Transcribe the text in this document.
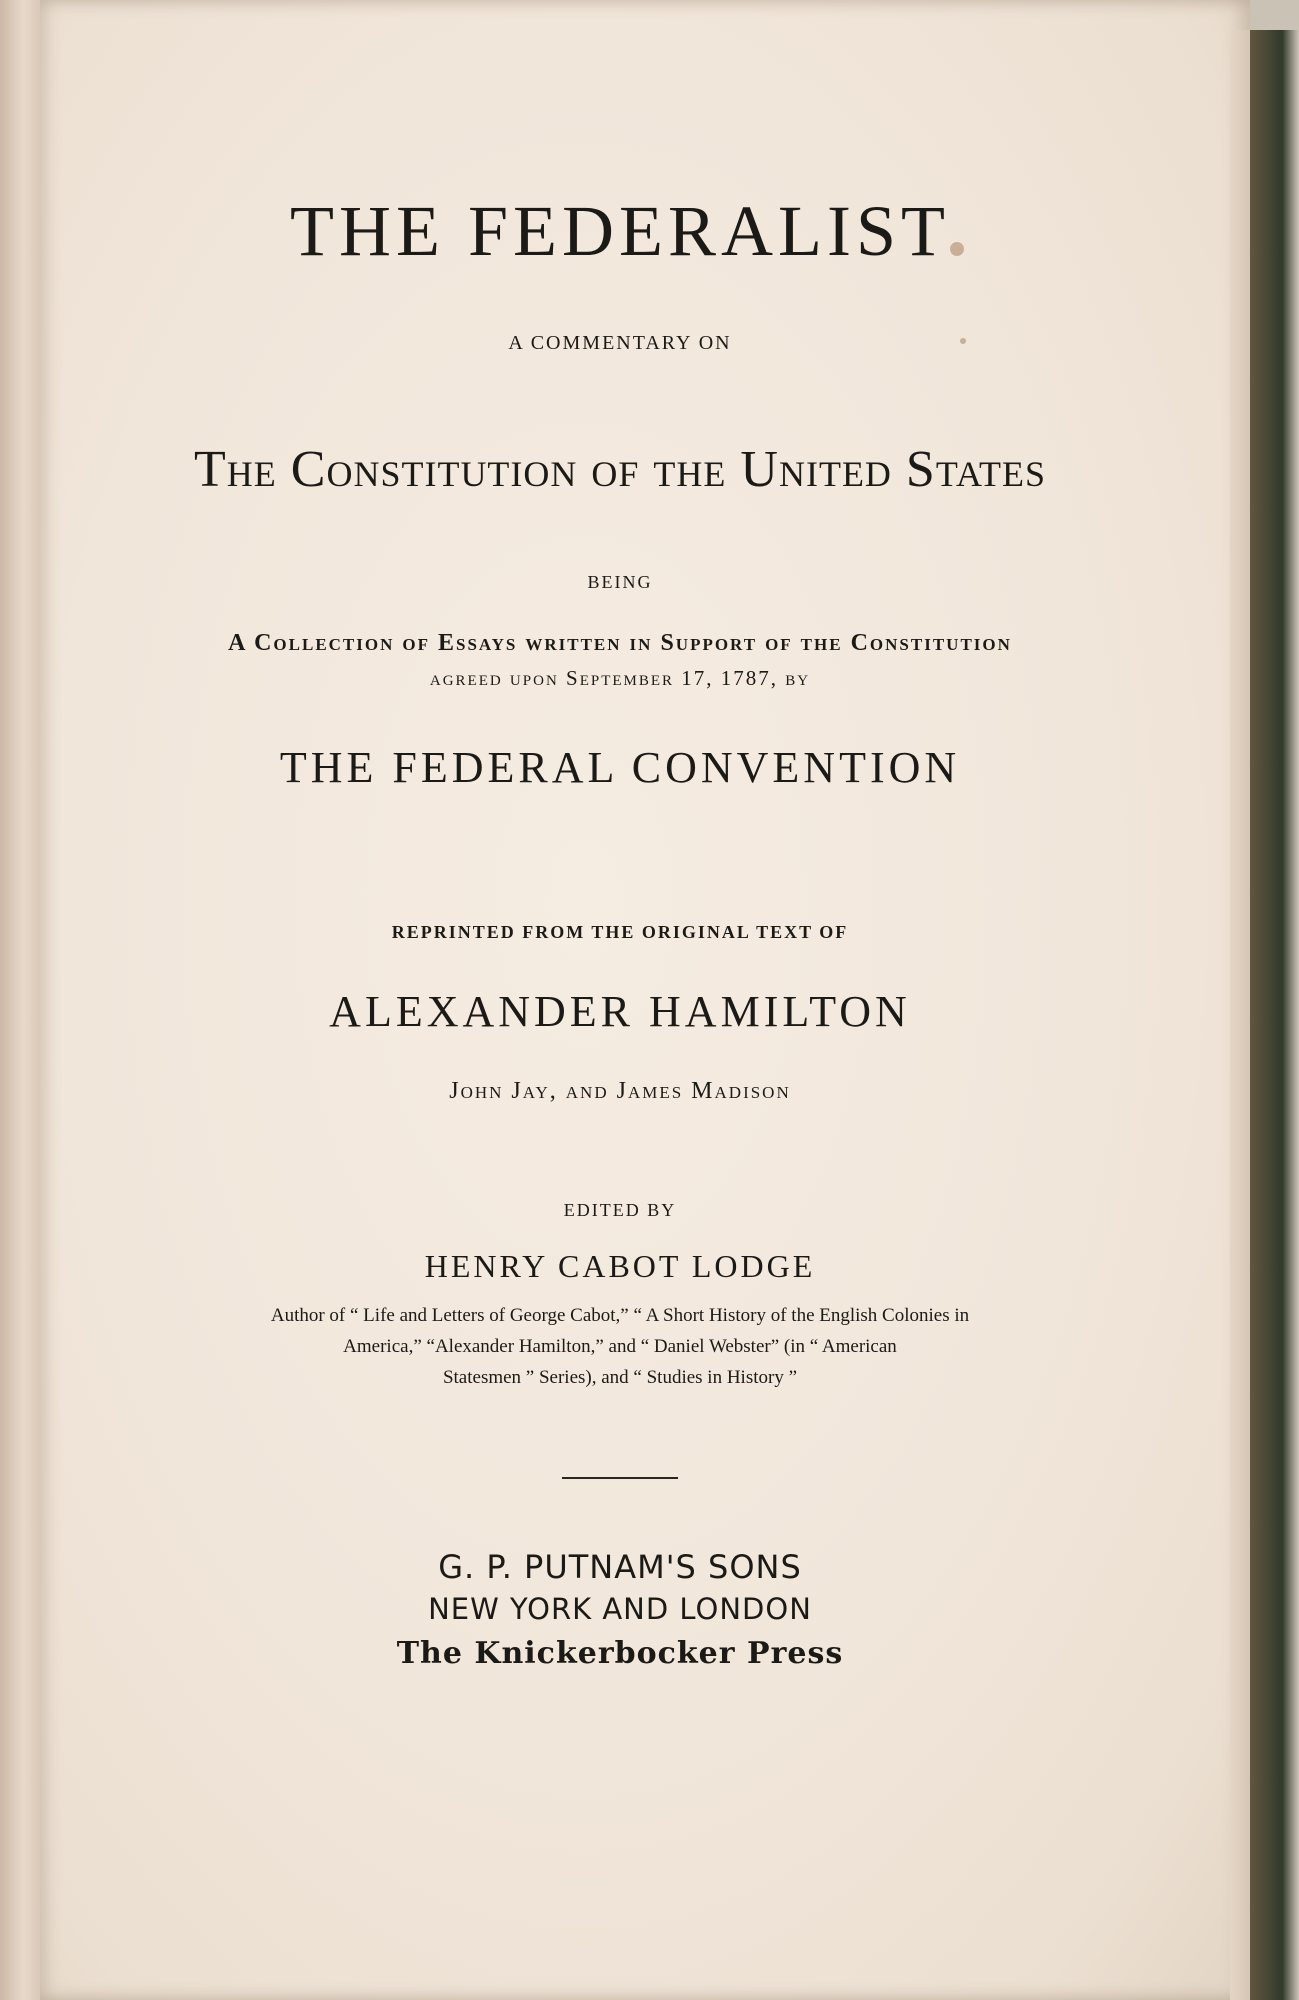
THE FEDERALIST
A COMMENTARY ON
The Constitution of the United States
BEING
A Collection of Essays written in Support of the Constitution
agreed upon September 17, 1787, by
THE FEDERAL CONVENTION
REPRINTED FROM THE ORIGINAL TEXT OF
ALEXANDER HAMILTON
John Jay, and James Madison
EDITED BY
HENRY CABOT LODGE
Author of “ Life and Letters of George Cabot,” “ A Short History of the English Colonies in
America,” “Alexander Hamilton,” and “ Daniel Webster” (in “ American
Statesmen ” Series), and “ Studies in History ”
G. P. PUTNAM'S SONS
NEW YORK AND LONDON
The Knickerbocker Press
